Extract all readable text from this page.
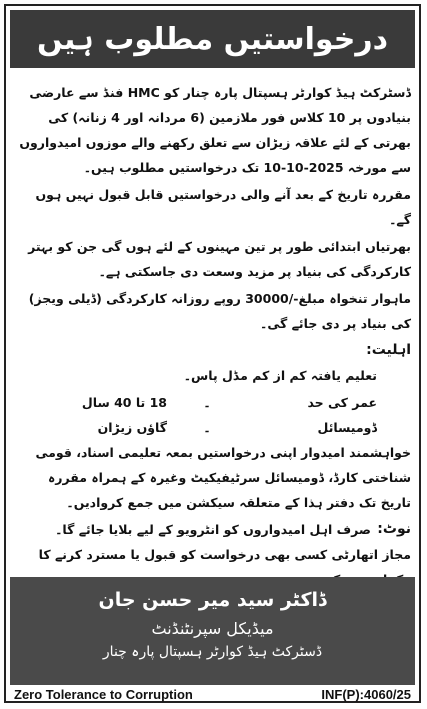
درخواستیں مطلوب ہیں

ڈسٹرکٹ ہیڈ کوارٹر ہسپتال پارہ چنار کو HMC فنڈ سے عارضی بنیادوں پر 10 کلاس فور ملازمین (6 مردانہ اور 4 زنانہ) کی بھرتی کے لئے علاقہ زیڑان سے تعلق رکھنے والے موزوں امیدواروں سے مورخہ 2025-10-10 تک درخواستیں مطلوب ہیں۔

مقررہ تاریخ کے بعد آنے والی درخواستیں قابل قبول نہیں ہوں گے۔

بھرتیاں ابتدائی طور پر تین مہینوں کے لئے ہوں گی جن کو بہتر کارکردگی کی بنیاد پر مزید وسعت دی جاسکتی ہے۔

ماہوار تنخواہ مبلغ-/30000 روپے روزانہ کارکردگی (ڈیلی ویجز) کی بنیاد پر دی جائے گی۔

اہلیت:

تعلیم یافتہ کم از کم مڈل پاس۔

عمر کی حد	۔	18 تا 40 سال
ڈومیسائل	۔	گاؤں زیڑان

خواہشمند امیدوار اپنی درخواستیں بمعہ تعلیمی اسناد، قومی شناختی کارڈ، ڈومیسائل سرٹیفیکیٹ وغیرہ کے ہمراہ مقررہ تاریخ تک دفتر ہذا کے متعلقہ سیکشن میں جمع کروادیں۔

نوٹ:
صرف اہل امیدواروں کو انٹرویو کے لیے بلایا جائے گا۔

مجاز اتھارٹی کسی بھی درخواست کو قبول یا مسترد کرنے کا

ڈاکٹر سید میر حسن جان
میڈیکل سپرنٹنڈنٹ
ڈسٹرکٹ ہیڈ کوارٹر ہسپتال پارہ چنار
Zero Tolerance to Corruption	INF(P):4060/25
